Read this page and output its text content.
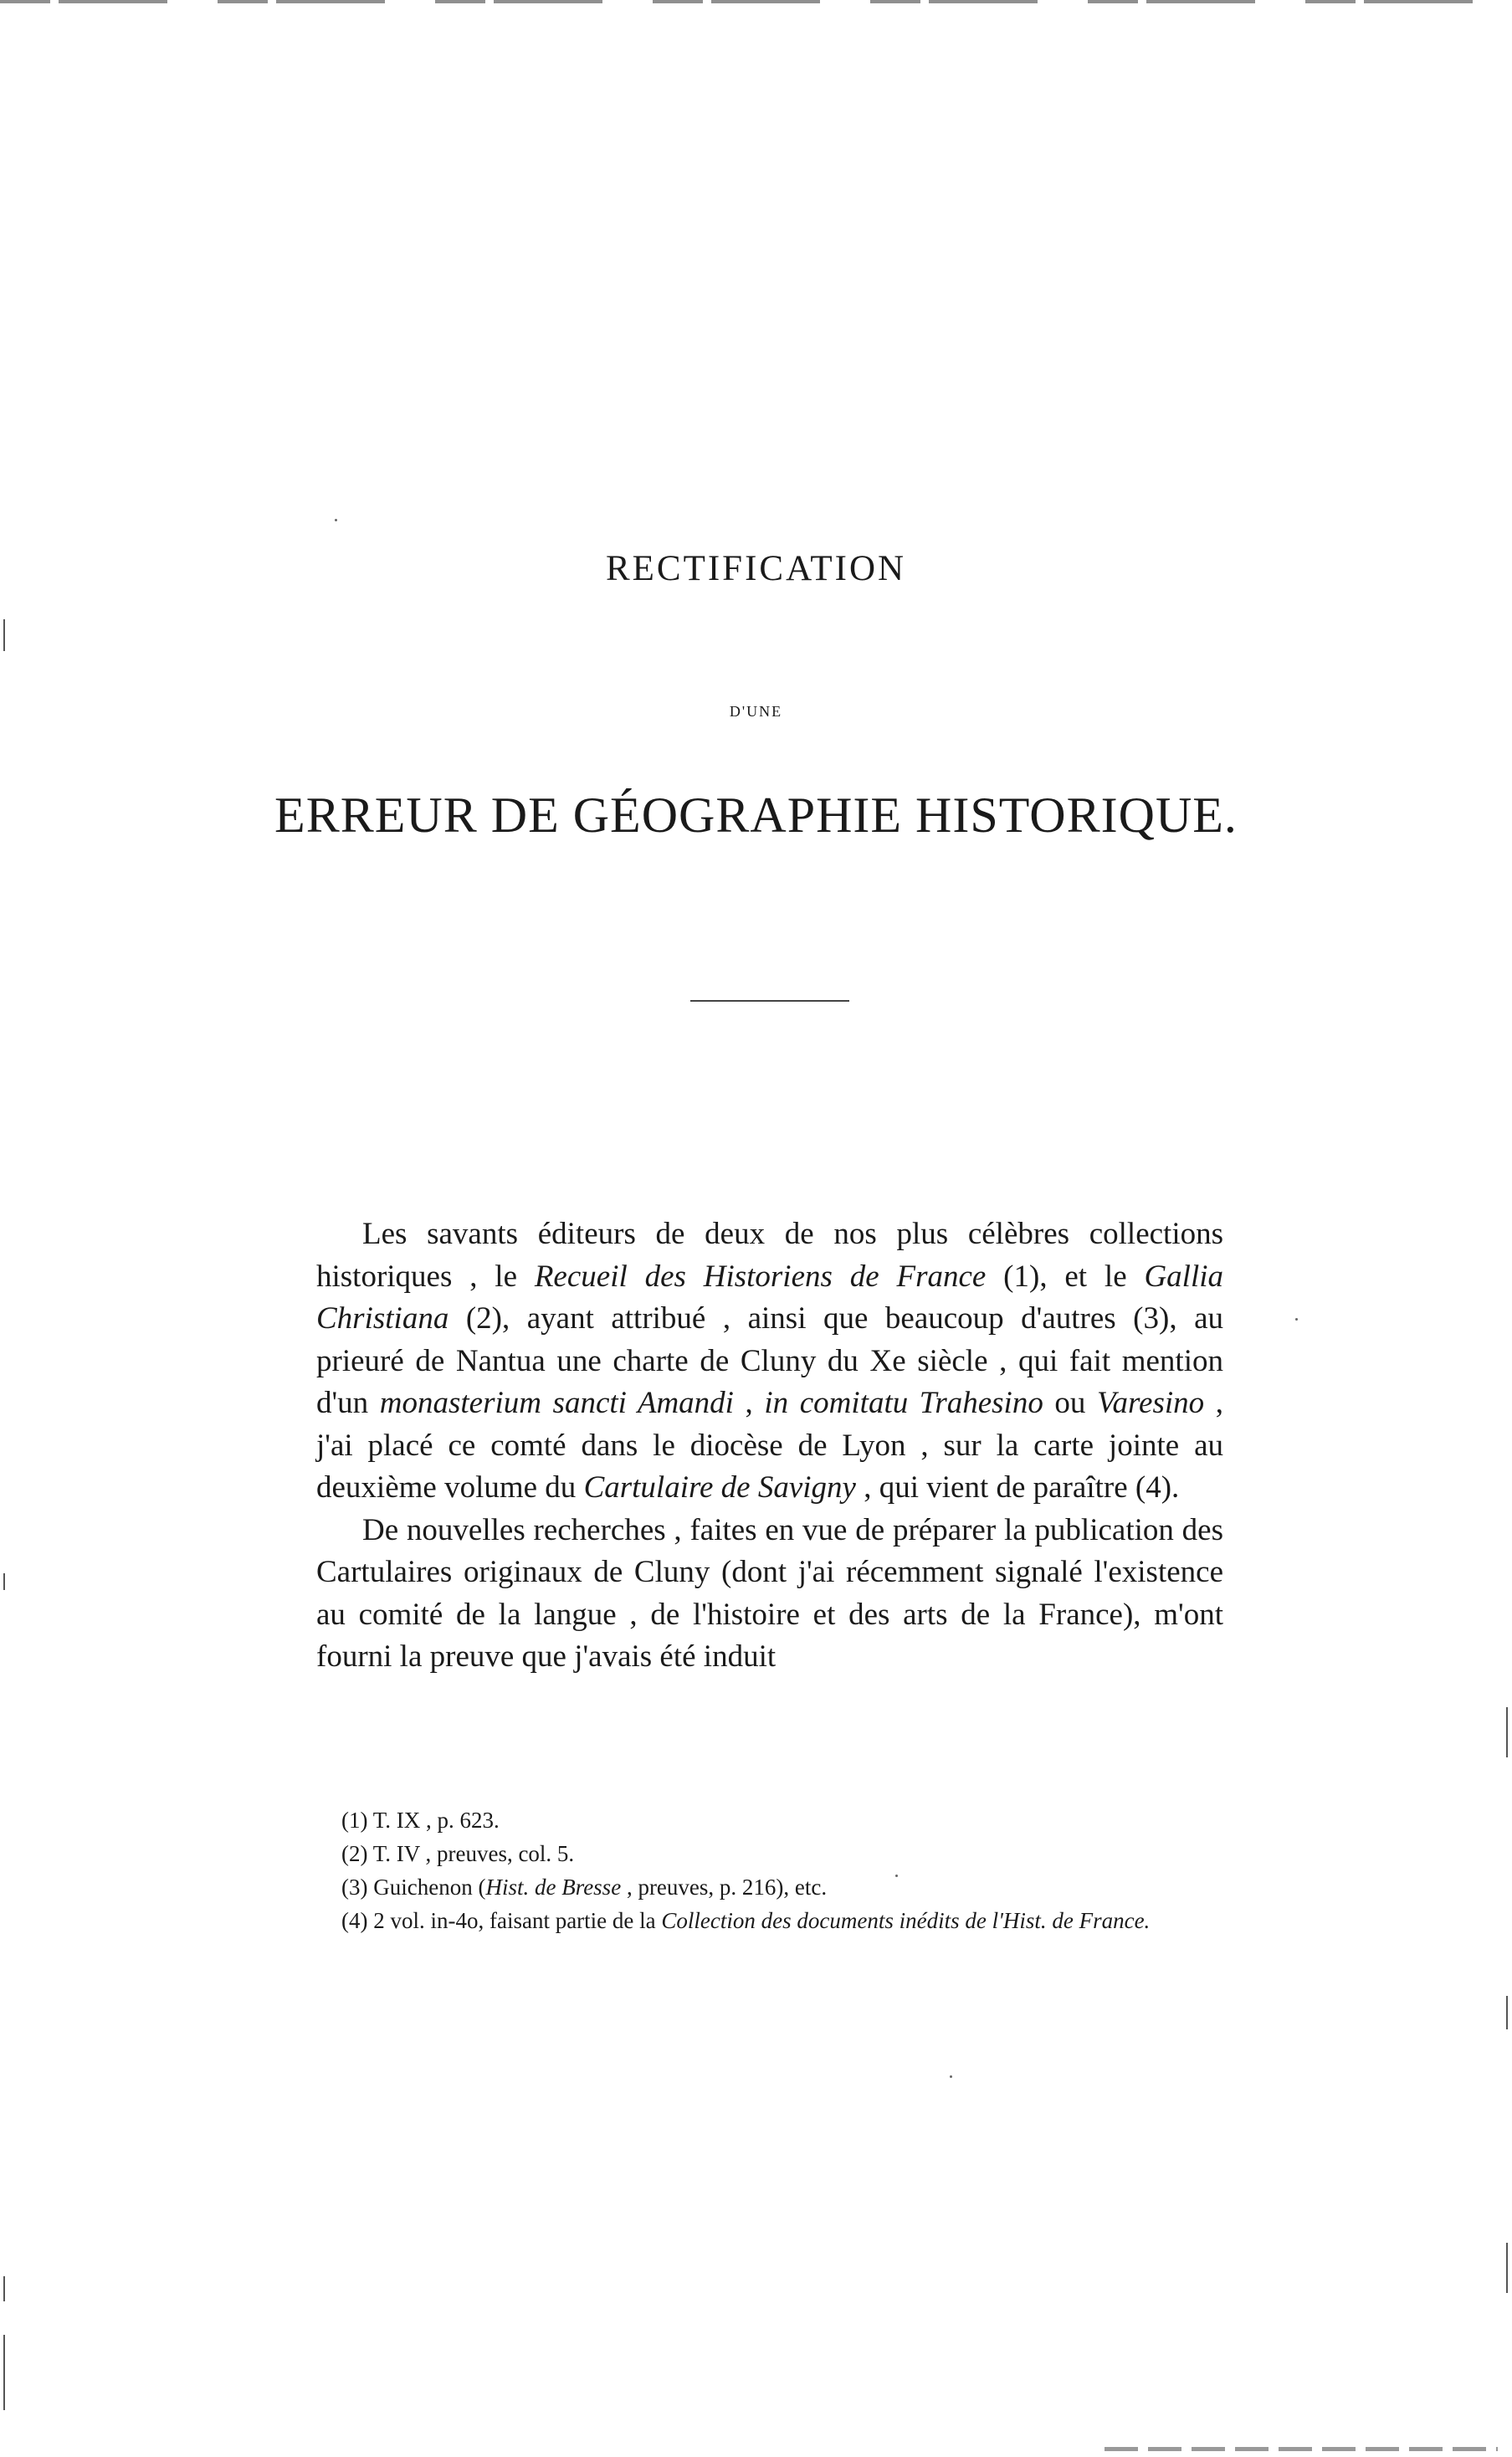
RECTIFICATION
D'UNE
ERREUR DE GÉOGRAPHIE HISTORIQUE.

Les savants éditeurs de deux de nos plus célèbres collections historiques , le Recueil des Historiens de France (1), et le Gallia Christiana (2), ayant attribué , ainsi que beaucoup d'autres (3), au prieuré de Nantua une charte de Cluny du Xe siècle , qui fait mention d'un monasterium sancti Amandi , in comitatu Trahesino ou Varesino , j'ai placé ce comté dans le diocèse de Lyon , sur la carte jointe au deuxième volume du Cartulaire de Savigny , qui vient de paraître (4).

De nouvelles recherches , faites en vue de préparer la publication des Cartulaires originaux de Cluny (dont j'ai récemment signalé l'existence au comité de la langue , de l'histoire et des arts de la France), m'ont fourni la preuve que j'avais été induit

(1) T. IX , p. 623.

(2) T. IV , preuves, col. 5.

(3) Guichenon (Hist. de Bresse , preuves, p. 216), etc.

(4) 2 vol. in-4o, faisant partie de la Collection des documents inédits de l'Hist. de France.
